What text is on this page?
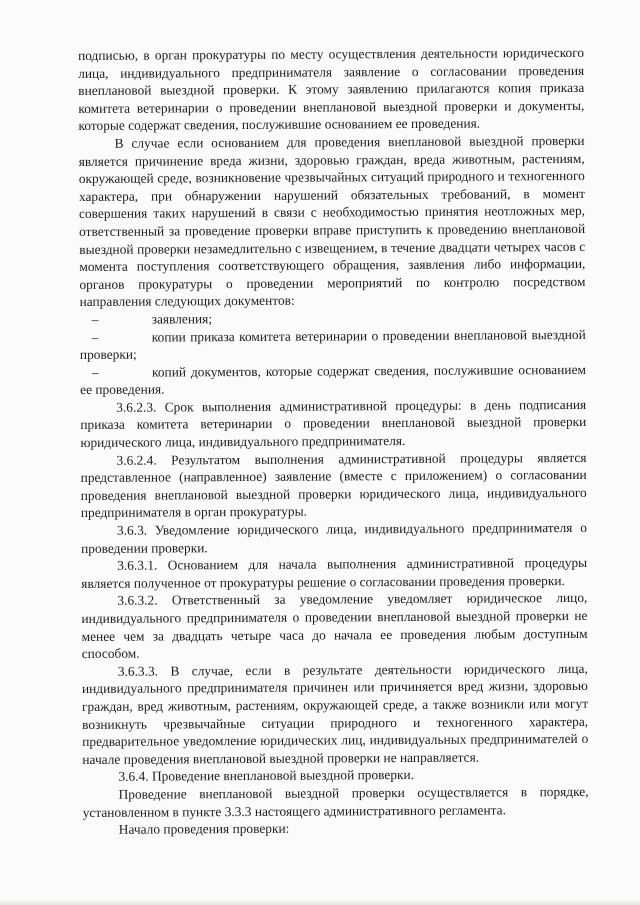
подписью, в орган прокуратуры по месту осуществления деятельности юридического лица, индивидуального предпринимателя заявление о согласовании проведения внеплановой выездной проверки. К этому заявлению прилагаются копия приказа комитета ветеринарии о проведении внеплановой выездной проверки и документы, которые содержат сведения, послужившие основанием ее проведения.

В случае если основанием для проведения внеплановой выездной проверки является причинение вреда жизни, здоровью граждан, вреда животным, растениям, окружающей среде, возникновение чрезвычайных ситуаций природного и техногенного характера, при обнаружении нарушений обязательных требований, в момент совершения таких нарушений в связи с необходимостью принятия неотложных мер, ответственный за проведение проверки вправе приступить к проведению внеплановой выездной проверки незамедлительно с извещением, в течение двадцати четырех часов с момента поступления соответствующего обращения, заявления либо информации, органов прокуратуры о проведении мероприятий по контролю посредством направления следующих документов:

–	заявления;

–	копии приказа комитета ветеринарии о проведении внеплановой выездной проверки;

–	копий документов, которые содержат сведения, послужившие основанием ее проведения.

3.6.2.3. Срок выполнения административной процедуры: в день подписания приказа комитета ветеринарии о проведении внеплановой выездной проверки юридического лица, индивидуального предпринимателя.

3.6.2.4. Результатом выполнения административной процедуры является представленное (направленное) заявление (вместе с приложением) о согласовании проведения внеплановой выездной проверки юридического лица, индивидуального предпринимателя в орган прокуратуры.

3.6.3. Уведомление юридического лица, индивидуального предпринимателя о проведении проверки.

3.6.3.1. Основанием для начала выполнения административной процедуры является полученное от прокуратуры решение о согласовании проведения проверки.

3.6.3.2. Ответственный за уведомление уведомляет юридическое лицо, индивидуального предпринимателя о проведении внеплановой выездной проверки не менее чем за двадцать четыре часа до начала ее проведения любым доступным способом.

3.6.3.3. В случае, если в результате деятельности юридического лица, индивидуального предпринимателя причинен или причиняется вред жизни, здоровью граждан, вред животным, растениям, окружающей среде, а также возникли или могут возникнуть чрезвычайные ситуации природного и техногенного характера, предварительное уведомление юридических лиц, индивидуальных предпринимателей о начале проведения внеплановой выездной проверки не направляется.

3.6.4. Проведение внеплановой выездной проверки.

Проведение внеплановой выездной проверки осуществляется в порядке, установленном в пункте 3.3.3 настоящего административного регламента.

Начало проведения проверки:
